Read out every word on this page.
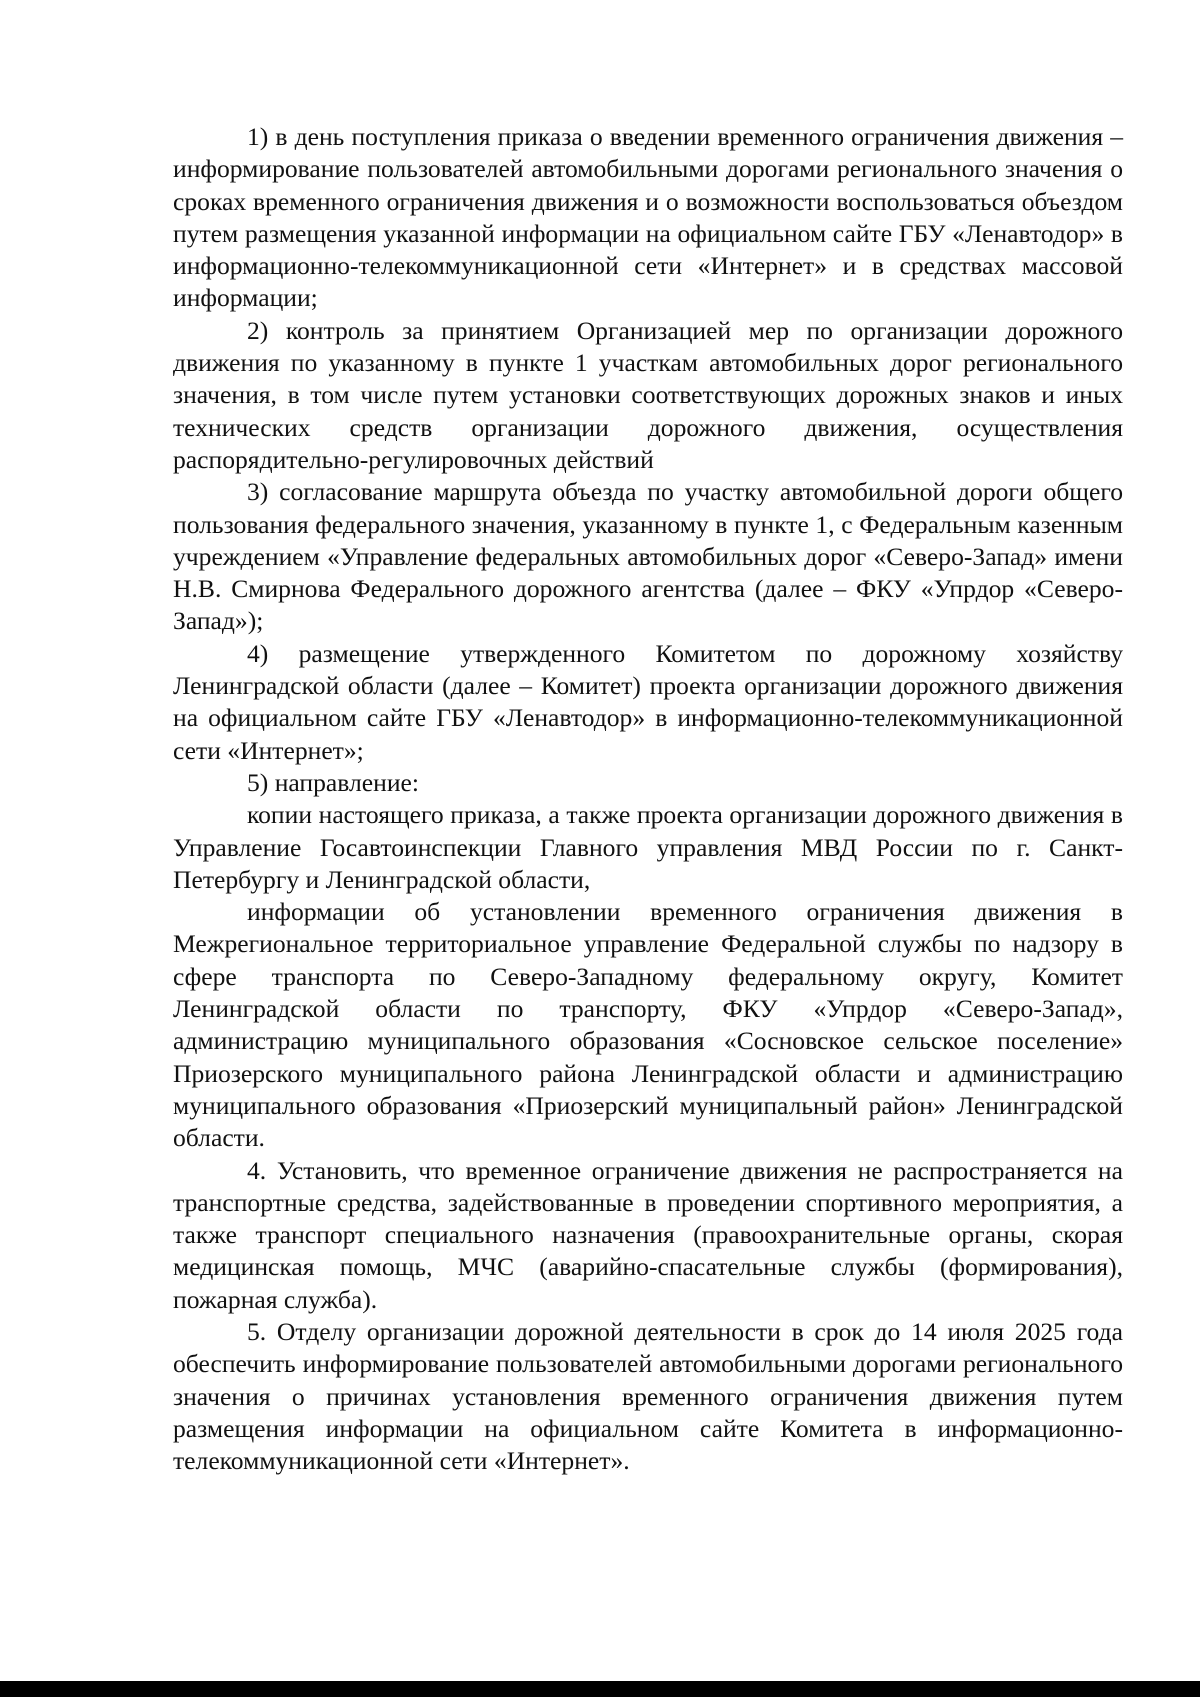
1) в день поступления приказа о введении временного ограничения движения – информирование пользователей автомобильными дорогами регионального значения о сроках временного ограничения движения и о возможности воспользоваться объездом путем размещения указанной информации на официальном сайте ГБУ «Ленавтодор» в информационно-телекоммуникационной сети «Интернет» и в средствах массовой информации;

2) контроль за принятием Организацией мер по организации дорожного движения по указанному в пункте 1 участкам автомобильных дорог регионального значения, в том числе путем установки соответствующих дорожных знаков и иных технических средств организации дорожного движения, осуществления распорядительно-регулировочных действий

3) согласование маршрута объезда по участку автомобильной дороги общего пользования федерального значения, указанному в пункте 1, с Федеральным казенным учреждением «Управление федеральных автомобильных дорог «Северо-Запад» имени Н.В. Смирнова Федерального дорожного агентства (далее – ФКУ «Упрдор «Северо-Запад»);

4) размещение утвержденного Комитетом по дорожному хозяйству Ленинградской области (далее – Комитет) проекта организации дорожного движения на официальном сайте ГБУ «Ленавтодор» в информационно-телекоммуникационной сети «Интернет»;

5) направление:

копии настоящего приказа, а также проекта организации дорожного движения в Управление Госавтоинспекции Главного управления МВД России по г. Санкт-Петербургу и Ленинградской области,

информации об установлении временного ограничения движения в Межрегиональное территориальное управление Федеральной службы по надзору в сфере транспорта по Северо-Западному федеральному округу, Комитет Ленинградской области по транспорту, ФКУ «Упрдор «Северо-Запад», администрацию муниципального образования «Сосновское сельское поселение» Приозерского муниципального района Ленинградской области и администрацию муниципального образования «Приозерский муниципальный район» Ленинградской области.

4. Установить, что временное ограничение движения не распространяется на транспортные средства, задействованные в проведении спортивного мероприятия, а также транспорт специального назначения (правоохранительные органы, скорая медицинская помощь, МЧС (аварийно-спасательные службы (формирования), пожарная служба).

5. Отделу организации дорожной деятельности в срок до 14 июля 2025 года обеспечить информирование пользователей автомобильными дорогами регионального значения о причинах установления временного ограничения движения путем размещения информации на официальном сайте Комитета в информационно-телекоммуникационной сети «Интернет».
